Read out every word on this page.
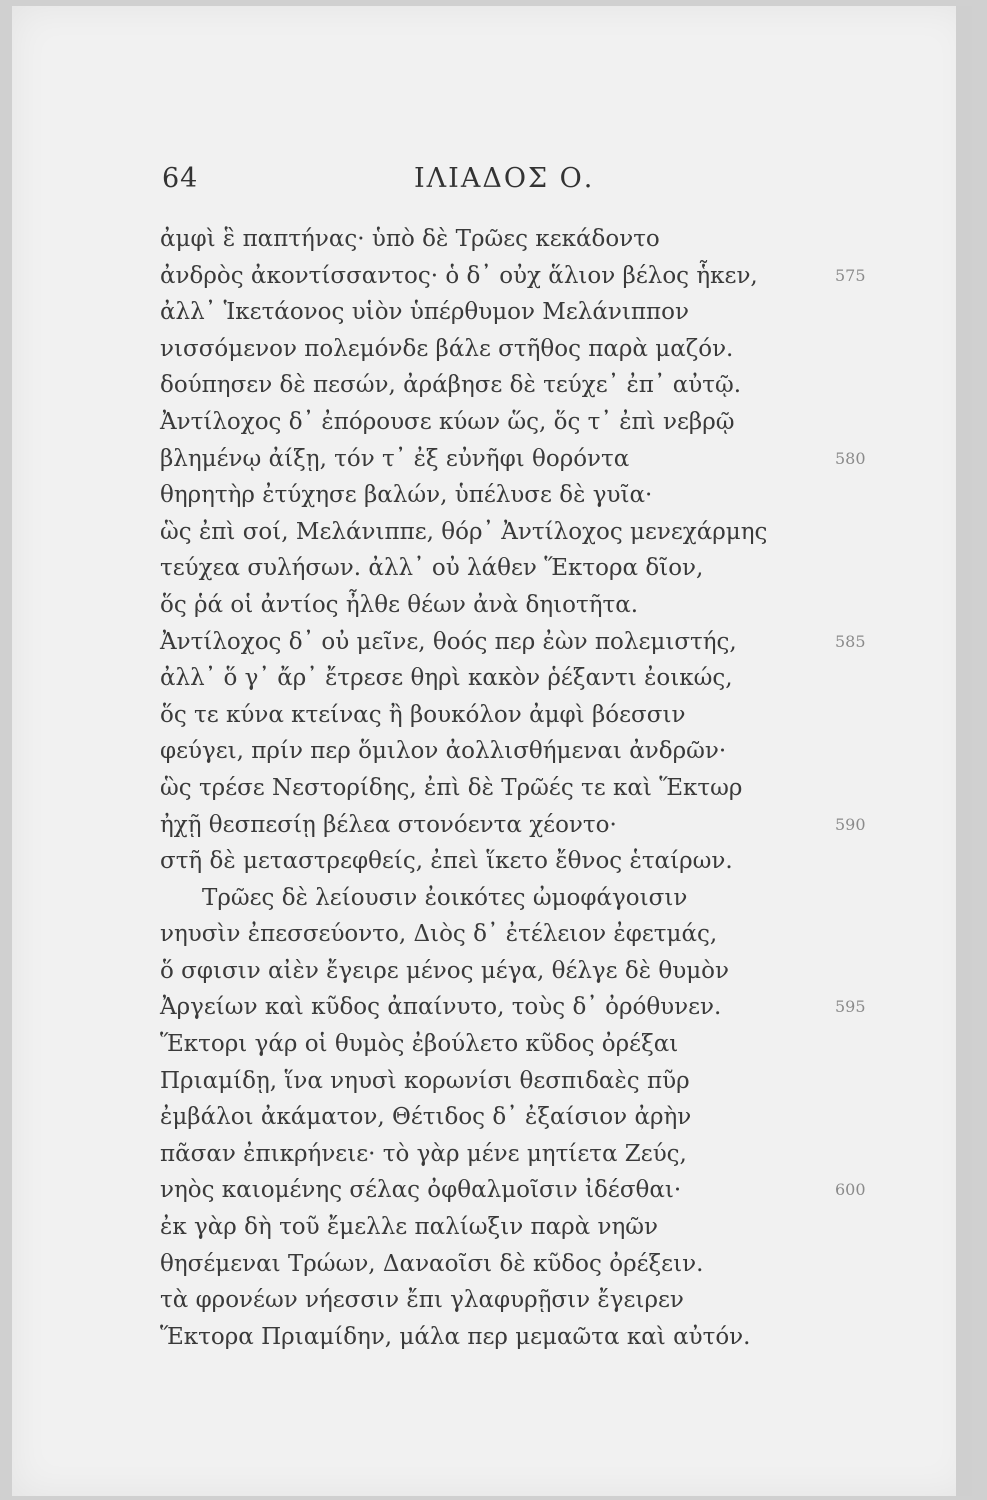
64	ΙΛΙΑΔΟΣ Ο.
ἀμφὶ ἓ παπτήνας· ὑπὸ δὲ Τρῶες κεκάδοντο
ἀνδρὸς ἀκοντίσσαντος· ὁ δ᾽ οὐχ ἅλιον βέλος ἧκεν,	575
ἀλλ᾽ Ἱκετάονος υἱὸν ὑπέρθυμον Μελάνιππον
νισσόμενον πολεμόνδε βάλε στῆθος παρὰ μαζόν.
δούπησεν δὲ πεσών, ἀράβησε δὲ τεύχε᾽ ἐπ᾽ αὐτῷ.
Ἀντίλοχος δ᾽ ἐπόρουσε κύων ὥς, ὅς τ᾽ ἐπὶ νεβρῷ
βλημένῳ ἀίξῃ, τόν τ᾽ ἐξ εὐνῆφι θορόντα	580
θηρητὴρ ἐτύχησε βαλών, ὑπέλυσε δὲ γυῖα·
ὣς ἐπὶ σοί, Μελάνιππε, θόρ᾽ Ἀντίλοχος μενεχάρμης
τεύχεα συλήσων. ἀλλ᾽ οὐ λάθεν Ἕκτορα δῖον,
ὅς ῥά οἱ ἀντίος ἦλθε θέων ἀνὰ δηιοτῆτα.
Ἀντίλοχος δ᾽ οὐ μεῖνε, θοός περ ἐὼν πολεμιστής,	585
ἀλλ᾽ ὅ γ᾽ ἄρ᾽ ἔτρεσε θηρὶ κακὸν ῥέξαντι ἐοικώς,
ὅς τε κύνα κτείνας ἢ βουκόλον ἀμφὶ βόεσσιν
φεύγει, πρίν περ ὅμιλον ἀολλισθήμεναι ἀνδρῶν·
ὣς τρέσε Νεστορίδης, ἐπὶ δὲ Τρῶές τε καὶ Ἕκτωρ
ἠχῇ θεσπεσίῃ βέλεα στονόεντα χέοντο·	590
στῆ δὲ μεταστρεφθείς, ἐπεὶ ἵκετο ἔθνος ἑταίρων.
Τρῶες δὲ λείουσιν ἐοικότες ὠμοφάγοισιν
νηυσὶν ἐπεσσεύοντο, Διὸς δ᾽ ἐτέλειον ἐφετμάς,
ὅ σφισιν αἰὲν ἔγειρε μένος μέγα, θέλγε δὲ θυμὸν
Ἀργείων καὶ κῦδος ἀπαίνυτο, τοὺς δ᾽ ὀρόθυνεν.	595
Ἕκτορι γάρ οἱ θυμὸς ἐβούλετο κῦδος ὀρέξαι
Πριαμίδῃ, ἵνα νηυσὶ κορωνίσι θεσπιδαὲς πῦρ
ἐμβάλοι ἀκάματον, Θέτιδος δ᾽ ἐξαίσιον ἀρὴν
πᾶσαν ἐπικρήνειε· τὸ γὰρ μένε μητίετα Ζεύς,
νηὸς καιομένης σέλας ὀφθαλμοῖσιν ἰδέσθαι·	600
ἐκ γὰρ δὴ τοῦ ἔμελλε παλίωξιν παρὰ νηῶν
θησέμεναι Τρώων, Δαναοῖσι δὲ κῦδος ὀρέξειν.
τὰ φρονέων νήεσσιν ἔπι γλαφυρῇσιν ἔγειρεν
Ἕκτορα Πριαμίδην, μάλα περ μεμαῶτα καὶ αὐτόν.
